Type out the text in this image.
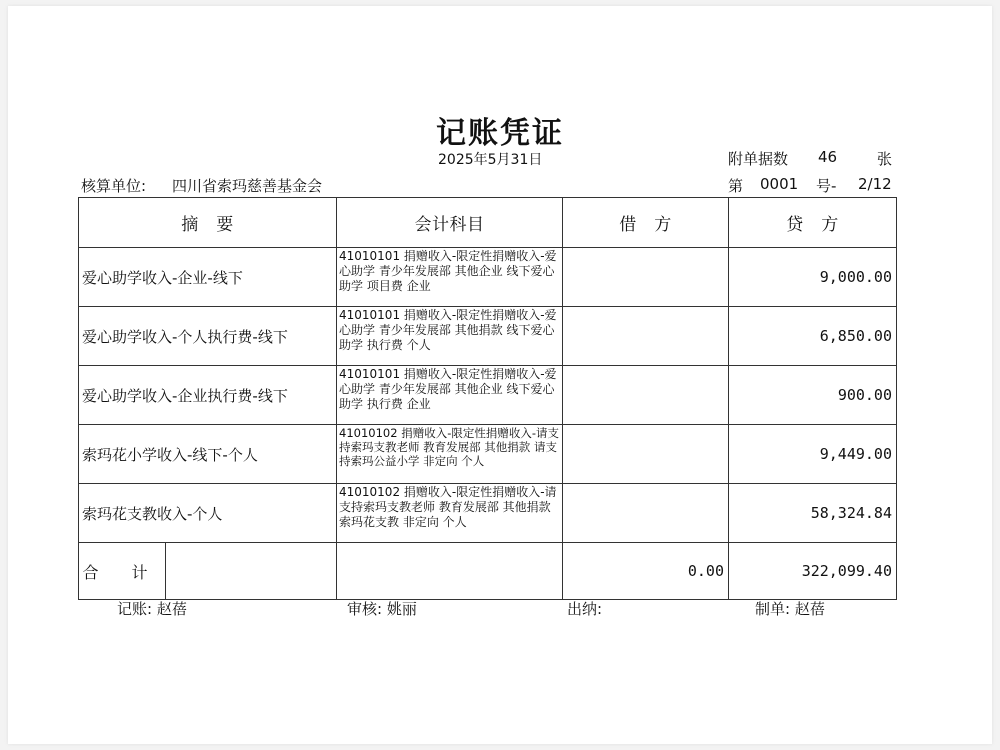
记账凭证
2025年5月31日	附单据数 46	张
核算单位: 四川省索玛慈善基金会	第 0001 号- 2/12
摘　要	会计科目	借　方	贷　方
爱心助学收入-企业-线下	41010101 捐赠收入-限定性捐赠收入-爱心助学 青少年发展部 其他企业 线下爱心助学 项目费 企业		9,000.00
爱心助学收入-个人执行费-线下	41010101 捐赠收入-限定性捐赠收入-爱心助学 青少年发展部 其他捐款 线下爱心助学 执行费 个人		6,850.00
爱心助学收入-企业执行费-线下	41010101 捐赠收入-限定性捐赠收入-爱心助学 青少年发展部 其他企业 线下爱心助学 执行费 企业		900.00
索玛花小学收入-线下-个人	41010102 捐赠收入-限定性捐赠收入-请支持索玛支教老师 教育发展部 其他捐款 请支持索玛公益小学 非定向 个人		9,449.00
索玛花支教收入-个人	41010102 捐赠收入-限定性捐赠收入-请支持索玛支教老师 教育发展部 其他捐款 索玛花支教 非定向 个人		58,324.84

合 计		0.00	322,099.40
记账: 赵蓓	审核: 姚丽	出纳:	制单: 赵蓓
